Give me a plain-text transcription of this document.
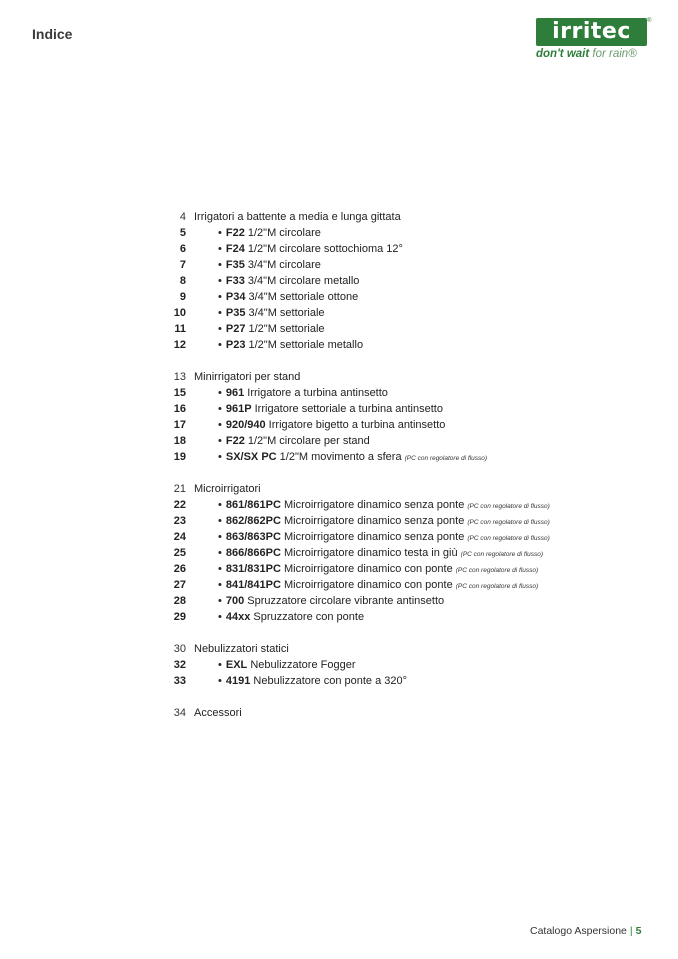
Indice	irritec	®
don't wait for rain®
4 Irrigatori a battente a media e lunga gittata
5	• F22 1/2"M circolare
6	• F24 1/2"M circolare sottochioma 12°
7	• F35 3/4"M circolare
8	• F33 3/4"M circolare metallo
9	• P34 3/4"M settoriale ottone
10	• P35 3/4"M settoriale
11	• P27 1/2"M settoriale
12	• P23 1/2"M settoriale metallo
13 Minirrigatori per stand
15	• 961 Irrigatore a turbina antinsetto
16	• 961P Irrigatore settoriale a turbina antinsetto
17	• 920/940 Irrigatore bigetto a turbina antinsetto
18	• F22 1/2"M circolare per stand
19	• SX/SX PC 1/2"M movimento a sfera (PC con regolatore di flusso)
21 Microirrigatori
22	• 861/861PC Microirrigatore dinamico senza ponte (PC con regolatore di flusso)
23	• 862/862PC Microirrigatore dinamico senza ponte (PC con regolatore di flusso)
24	• 863/863PC Microirrigatore dinamico senza ponte (PC con regolatore di flusso)
25	• 866/866PC Microirrigatore dinamico testa in giù (PC con regolatore di flusso)
26	• 831/831PC Microirrigatore dinamico con ponte (PC con regolatore di flusso)
27	• 841/841PC Microirrigatore dinamico con ponte (PC con regolatore di flusso)
28	• 700 Spruzzatore circolare vibrante antinsetto
29	• 44xx Spruzzatore con ponte
30 Nebulizzatori statici
32	• EXL Nebulizzatore Fogger
33	• 4191 Nebulizzatore con ponte a 320°
34 Accessori
Catalogo Aspersione | 5
